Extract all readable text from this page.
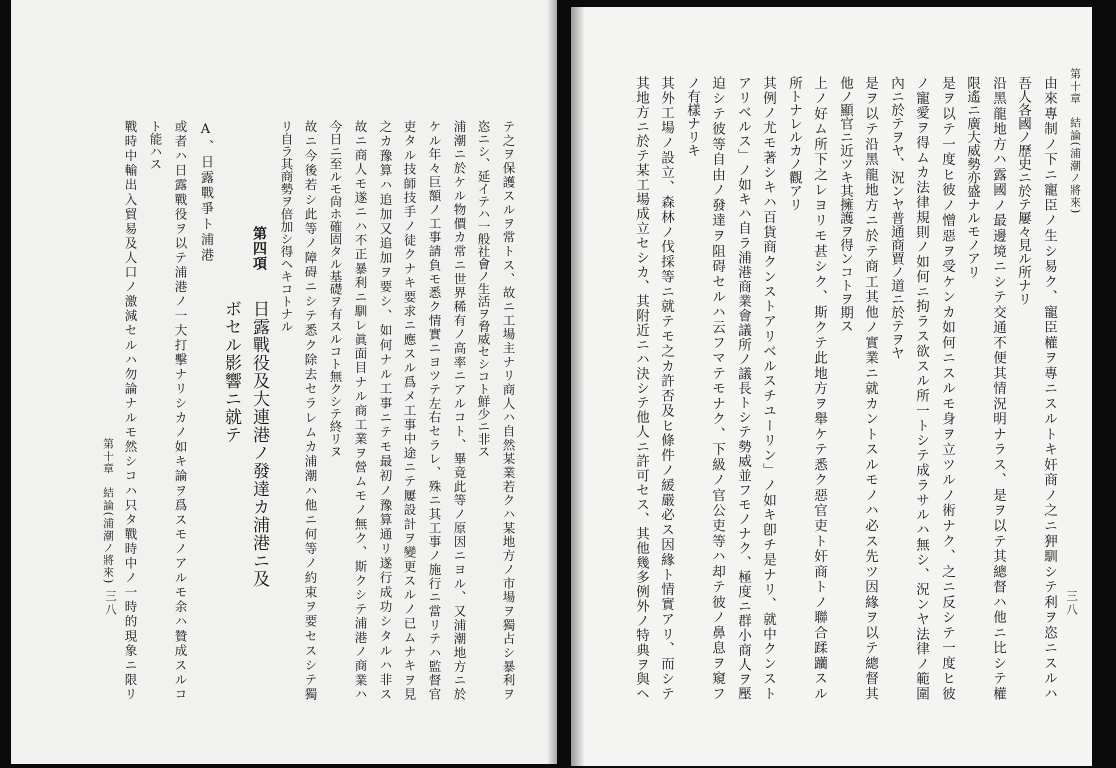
テ之ヲ保護スルヲ常トス、故ニ工場主ナリ商人ハ自然某業若クハ某地方ノ市場ヲ獨占シ暴利ヲ
恣ニシ、延イテハ一般社會ノ生活ヲ脅威セシコト鮮少ニ非ス
浦潮ニ於ケル物價カ常ニ世界稀有ノ高率ニアルコト、畢竟此等ノ原因ニヨル、又浦潮地方ニ於
ケル年々巨額ノ工事請負モ悉ク情實ニヨツテ左右セラレ、殊ニ其工事ノ施行ニ當リテハ監督官
吏タル技師技手ノ徒クナキ要求ニ應スル爲メ工事中途ニテ屢設計ヲ變更スルノ已ムナキヲ見
之カ豫算ハ追加又追加ヲ要シ、如何ナル工事ニテモ最初ノ豫算通リ遂行成功シタルハ非ス
故ニ商人モ遂ニハ不正暴利ニ馴レ眞面目ナル商工業ヲ營ムモノ無ク、斯クシテ浦港ノ商業ハ
今日ニ至ルモ尙ホ確固タル基礎ヲ有スルコト無クシテ終リヌ
故ニ今後若シ此等ノ障碍ニシテ悉ク除去セラレムカ浦潮ハ他ニ何等ノ約束ヲ要セスシテ獨
リ自ラ其商勢ヲ倍加シ得ヘキコトナル
第四項
日露戰役及大連港ノ發達カ浦港ニ及
ボセル影響ニ就テ
A、日露戰爭ト浦港
或者ハ日露戰役ヲ以テ浦港ノ一大打擊ナリシカノ如キ論ヲ爲スモノアルモ余ハ贊成スルコ
ト能ハス
戰時中輸出入貿易及人口ノ激減セルハ勿論ナルモ然シコハ只タ戰時中ノ一時的現象ニ限リ
第十章　結論(浦潮ノ將來)
三八
第十章　結論(浦潮ノ將來)
三八
由來專制ノ下ニ寵臣ノ生シ易ク、寵臣權ヲ專ニスルトキ奸商ノ之ニ狎馴シテ利ヲ恣ニスルハ
吾人各國ノ歷史ニ於テ屢々見ル所ナリ
沿黑龍地方ハ露國ノ最邊境ニシテ交通不便其情況明ナラス、是ヲ以テ其總督ハ他ニ比シテ權
限遙ニ廣大威勢亦盛ナルモノアリ
是ヲ以テ一度ヒ彼ノ憎惡ヲ受ケンカ如何ニスルモ身ヲ立ツルノ術ナク、之ニ反シテ一度ヒ彼
ノ寵愛ヲ得ムカ法律規則ノ如何ニ拘ラス欲スル所一トシテ成ラサルハ無シ、況ンヤ法律ノ範圍
內ニ於テヲヤ、況ンヤ普通商賈ノ道ニ於テヲヤ
是ヲ以テ沿黑龍地方ニ於テ商工其他ノ實業ニ就カントスルモノハ必ス先ツ因緣ヲ以テ總督其
他ノ顯官ニ近ツキ其擁護ヲ得ンコトヲ期ス
上ノ好ム所下之レヨリモ甚シク、斯クテ此地方ヲ舉ケテ悉ク惡官吏ト奸商トノ聯合蹂躪スル
所トナレルカノ觀アリ
其例ノ尤モ著シキハ百貨商クンストアリベルスチユーリン」ノ如キ卽チ是ナリ、就中クンスト
アリベルス」ノ如キハ自ラ浦港商業會議所ノ議長トシテ勢威並フモノナク、極度ニ群小商人ヲ壓
迫シテ彼等自由ノ發達ヲ阻碍セルハ云フマテモナク、下級ノ官公吏等ハ却テ彼ノ鼻息ヲ窺フ
ノ有樣ナリキ
其外工場ノ設立、森林ノ伐採等ニ就テモ之カ許否及ヒ條件ノ緩嚴必ス因緣ト情實アリ、而シテ
其地方ニ於テ某工場成立セシカ、其附近ニハ決シテ他人ニ許可セス、其他幾多例外ノ特典ヲ與ヘ
